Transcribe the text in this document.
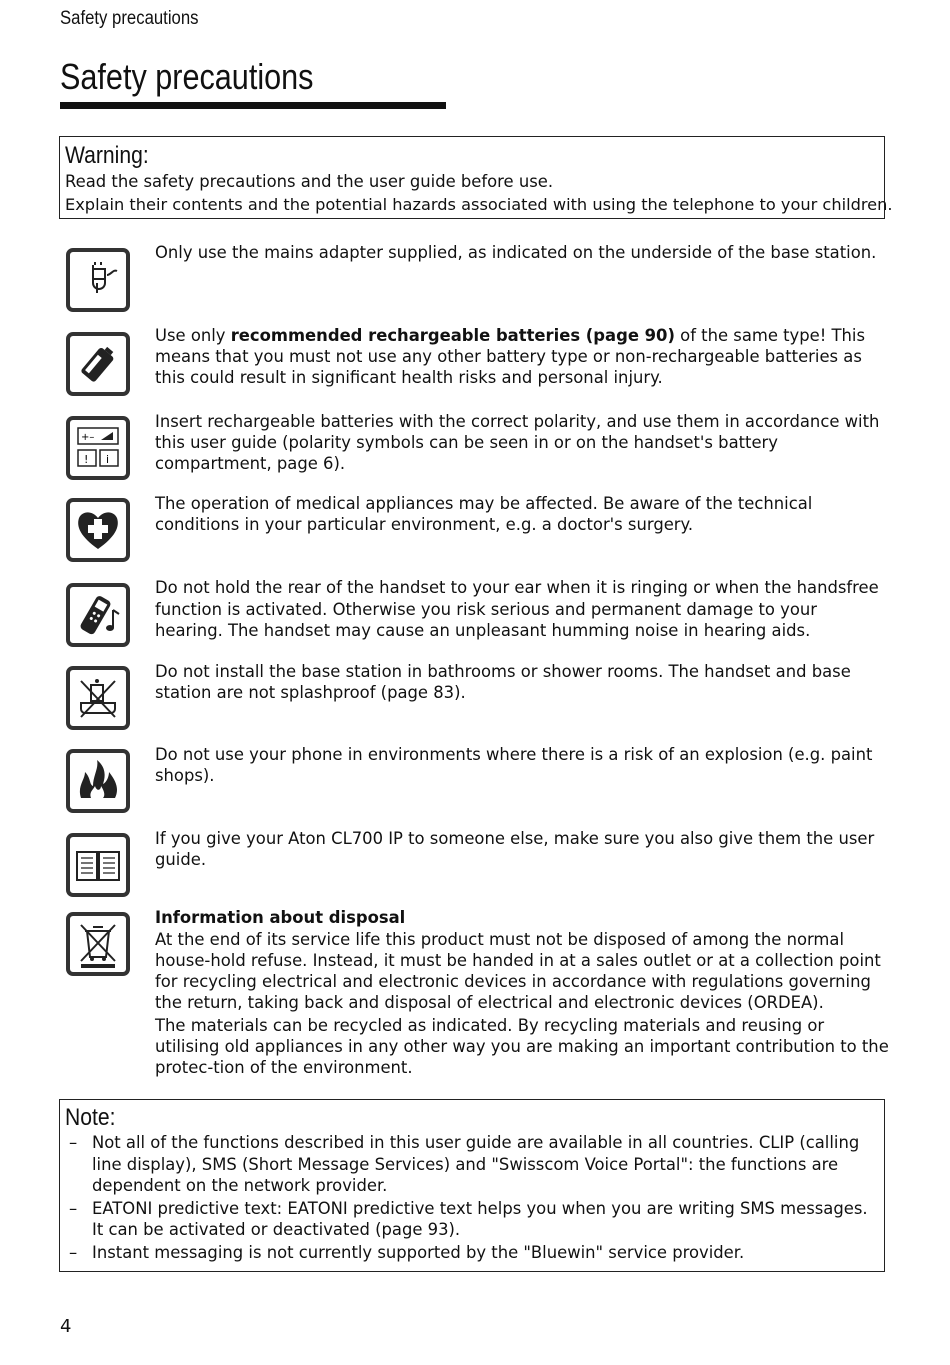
Safety precautions
Safety precautions
Warning:
Read the safety precautions and the user guide before use.
Explain their contents and the potential hazards associated with using the telephone to your children.
Only use the mains adapter supplied, as indicated on the underside of the base station.
Use only recommended rechargeable batteries (page 90) of the same type! This means that you must not use any other battery type or non-rechargeable batteries as this could result in significant health risks and personal injury.
+–
! i
Insert rechargeable batteries with the correct polarity, and use them in accordance with this user guide (polarity symbols can be seen in or on the handset's battery compartment, page 6).
The operation of medical appliances may be affected. Be aware of the technical conditions in your particular environment, e.g. a doctor's surgery.
Do not hold the rear of the handset to your ear when it is ringing or when the handsfree function is activated. Otherwise you risk serious and permanent damage to your hearing. The handset may cause an unpleasant humming noise in hearing aids.
Do not install the base station in bathrooms or shower rooms. The handset and base station are not splashproof (page 83).
Do not use your phone in environments where there is a risk of an explosion (e.g. paint shops).
If you give your Aton CL700 IP to someone else, make sure you also give them the user guide.
Information about disposal
At the end of its service life this product must not be disposed of among the normal house-hold refuse. Instead, it must be handed in at a sales outlet or at a collection point for recycling electrical and electronic devices in accordance with regulations governing the return, taking back and disposal of electrical and electronic devices (ORDEA).
The materials can be recycled as indicated. By recycling materials and reusing or utilising old appliances in any other way you are making an important contribution to the protec-tion of the environment.
Note:
– Not all of the functions described in this user guide are available in all countries. CLIP (calling line display), SMS (Short Message Services) and "Swisscom Voice Portal": the functions are dependent on the network provider.
– EATONI predictive text: EATONI predictive text helps you when you are writing SMS messages. It can be activated or deactivated (page 93).
– Instant messaging is not currently supported by the "Bluewin" service provider.
4
